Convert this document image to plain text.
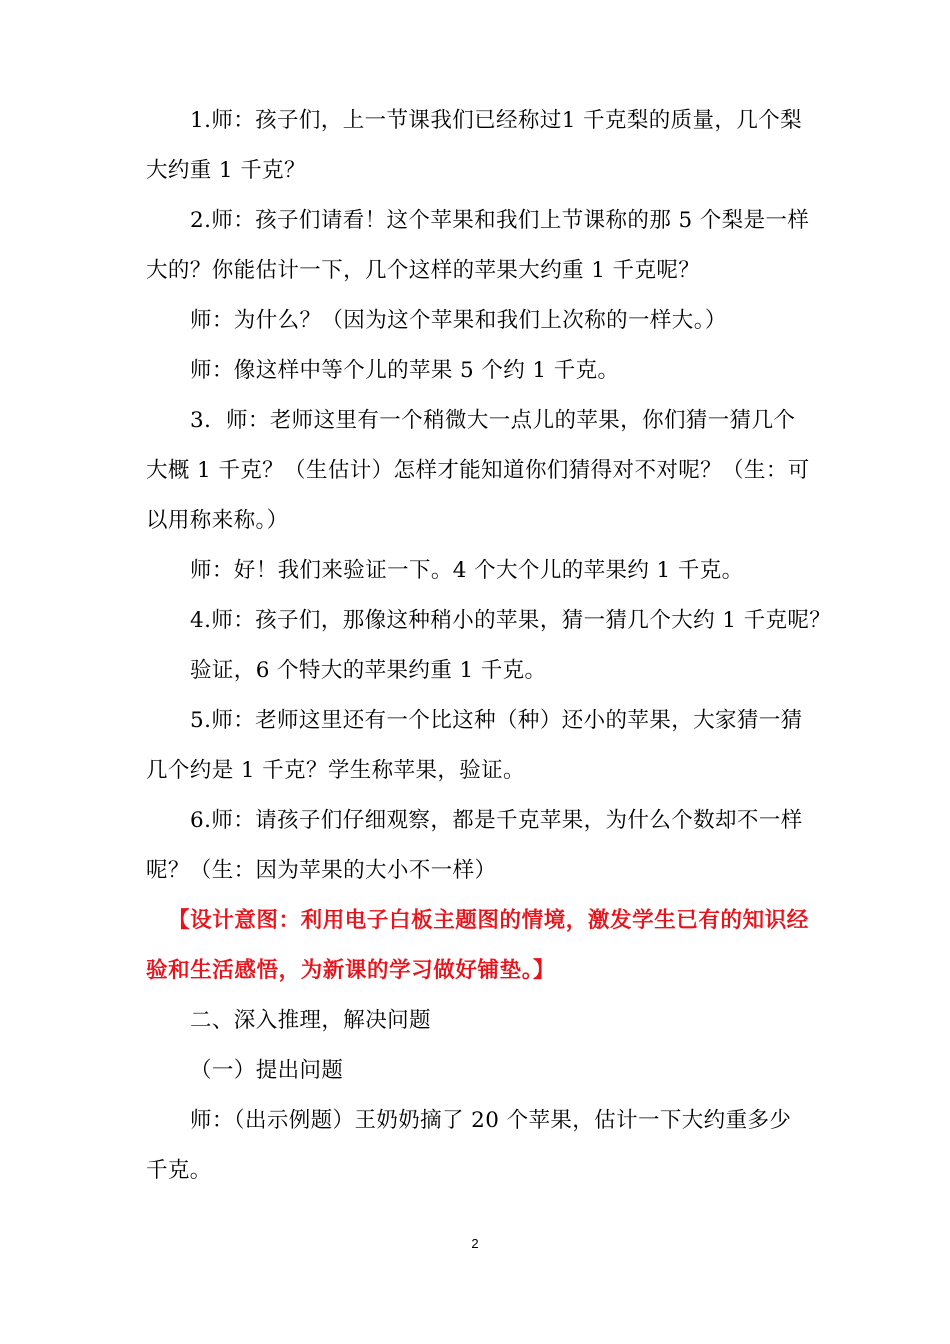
1.师：孩子们，上一节课我们已经称过1 千克梨的质量，几个梨
大约重 1 千克？
2.师：孩子们请看！这个苹果和我们上节课称的那 5 个梨是一样
大的？你能估计一下，几个这样的苹果大约重 1 千克呢？
师：为什么？（因为这个苹果和我们上次称的一样大。）
师：像这样中等个儿的苹果 5 个约 1 千克。
3．师：老师这里有一个稍微大一点儿的苹果，你们猜一猜几个
大概 1 千克？（生估计）怎样才能知道你们猜得对不对呢？（生：可
以用称来称。）
师：好！我们来验证一下。4 个大个儿的苹果约 1 千克。
4.师：孩子们，那像这种稍小的苹果，猜一猜几个大约 1 千克呢？
验证，6 个特大的苹果约重 1 千克。
5.师：老师这里还有一个比这种（种）还小的苹果，大家猜一猜
几个约是 1 千克？学生称苹果，验证。
6.师：请孩子们仔细观察，都是千克苹果，为什么个数却不一样
呢？（生：因为苹果的大小不一样）
【设计意图：利用电子白板主题图的情境，激发学生已有的知识经
验和生活感悟，为新课的学习做好铺垫。】
二、深入推理，解决问题
（一）提出问题
师：（出示例题）王奶奶摘了 20 个苹果，估计一下大约重多少
千克。
2
